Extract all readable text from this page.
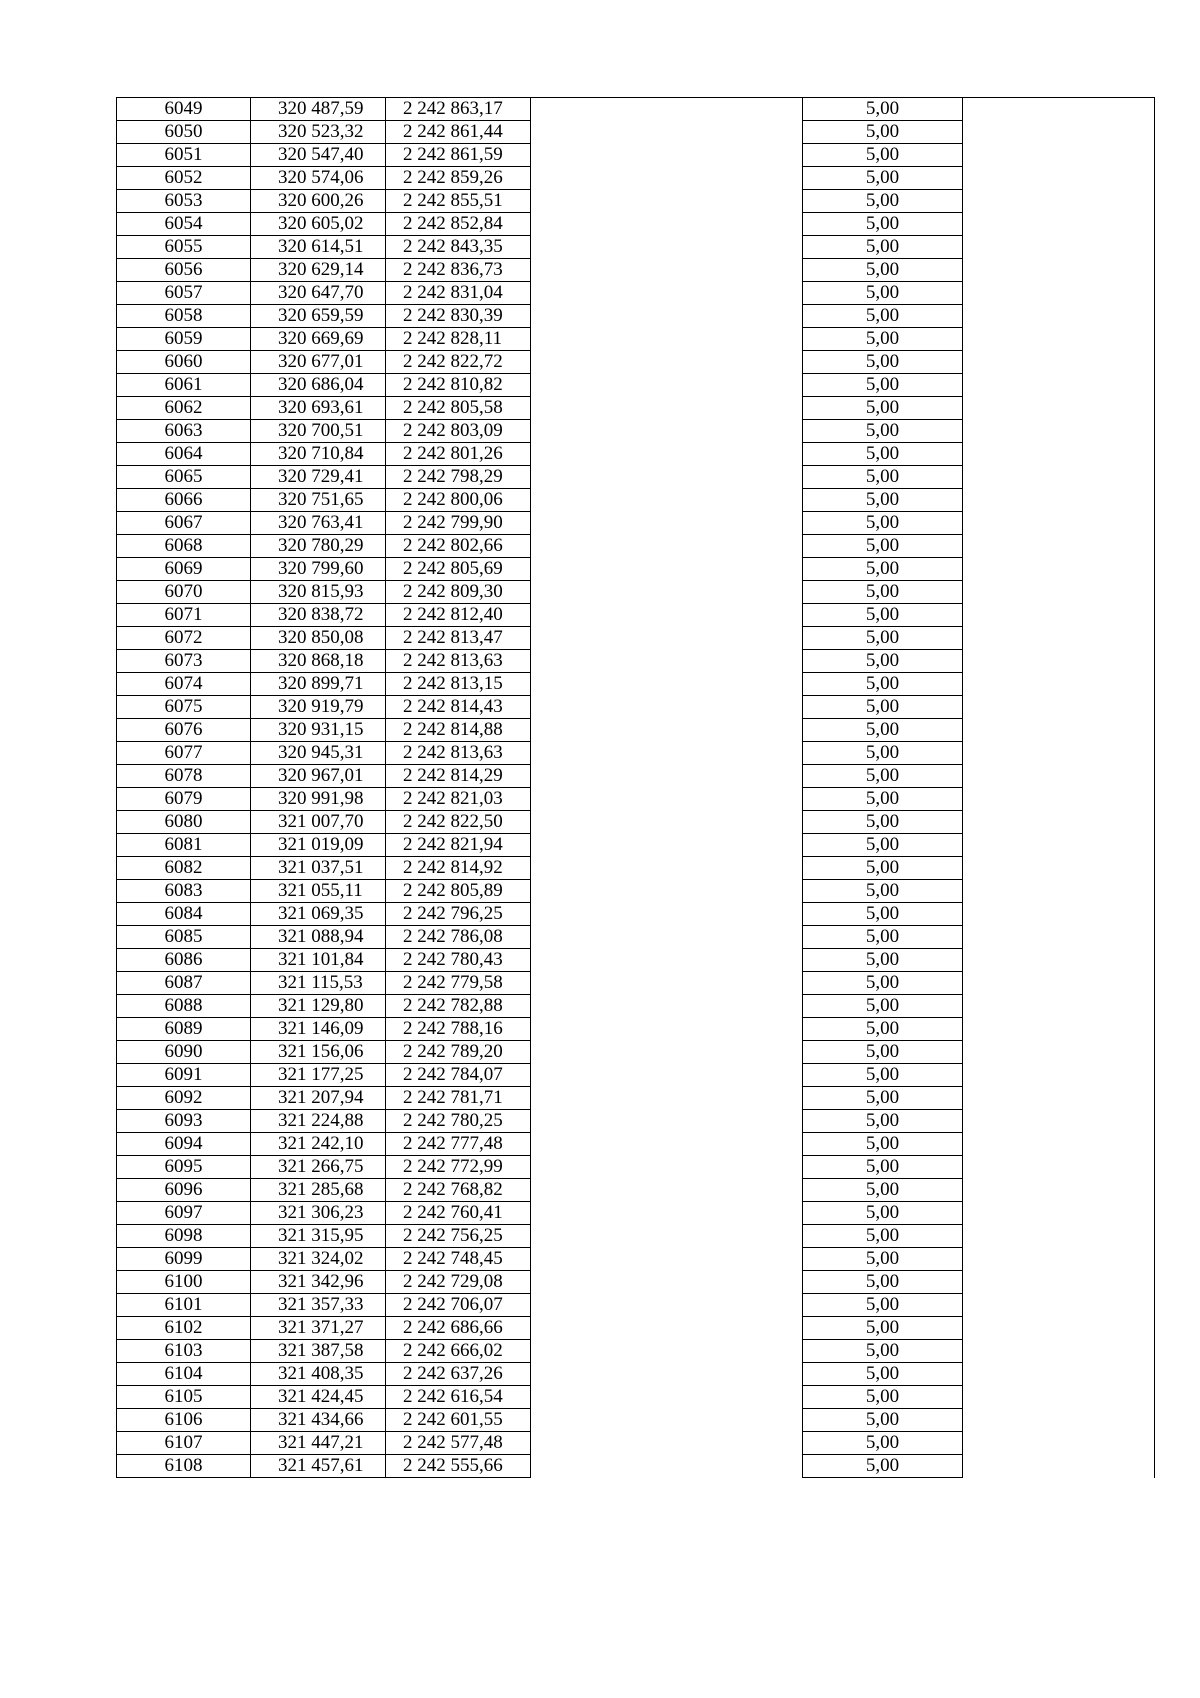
6049	320 487,59	2 242 863,17		5,00	
6050	320 523,32	2 242 861,44		5,00	
6051	320 547,40	2 242 861,59		5,00	
6052	320 574,06	2 242 859,26		5,00	
6053	320 600,26	2 242 855,51		5,00	
6054	320 605,02	2 242 852,84		5,00	
6055	320 614,51	2 242 843,35		5,00	
6056	320 629,14	2 242 836,73		5,00	
6057	320 647,70	2 242 831,04		5,00	
6058	320 659,59	2 242 830,39		5,00	
6059	320 669,69	2 242 828,11		5,00	
6060	320 677,01	2 242 822,72		5,00	
6061	320 686,04	2 242 810,82		5,00	
6062	320 693,61	2 242 805,58		5,00	
6063	320 700,51	2 242 803,09		5,00	
6064	320 710,84	2 242 801,26		5,00	
6065	320 729,41	2 242 798,29		5,00	
6066	320 751,65	2 242 800,06		5,00	
6067	320 763,41	2 242 799,90		5,00	
6068	320 780,29	2 242 802,66		5,00	
6069	320 799,60	2 242 805,69		5,00	
6070	320 815,93	2 242 809,30		5,00	
6071	320 838,72	2 242 812,40		5,00	
6072	320 850,08	2 242 813,47		5,00	
6073	320 868,18	2 242 813,63		5,00	
6074	320 899,71	2 242 813,15		5,00	
6075	320 919,79	2 242 814,43		5,00	
6076	320 931,15	2 242 814,88		5,00	
6077	320 945,31	2 242 813,63		5,00	
6078	320 967,01	2 242 814,29		5,00	
6079	320 991,98	2 242 821,03		5,00	
6080	321 007,70	2 242 822,50		5,00	
6081	321 019,09	2 242 821,94		5,00	
6082	321 037,51	2 242 814,92		5,00	
6083	321 055,11	2 242 805,89		5,00	
6084	321 069,35	2 242 796,25		5,00	
6085	321 088,94	2 242 786,08		5,00	
6086	321 101,84	2 242 780,43		5,00	
6087	321 115,53	2 242 779,58		5,00	
6088	321 129,80	2 242 782,88		5,00	
6089	321 146,09	2 242 788,16		5,00	
6090	321 156,06	2 242 789,20		5,00	
6091	321 177,25	2 242 784,07		5,00	
6092	321 207,94	2 242 781,71		5,00	
6093	321 224,88	2 242 780,25		5,00	
6094	321 242,10	2 242 777,48		5,00	
6095	321 266,75	2 242 772,99		5,00	
6096	321 285,68	2 242 768,82		5,00	
6097	321 306,23	2 242 760,41		5,00	
6098	321 315,95	2 242 756,25		5,00	
6099	321 324,02	2 242 748,45		5,00	
6100	321 342,96	2 242 729,08		5,00	
6101	321 357,33	2 242 706,07		5,00	
6102	321 371,27	2 242 686,66		5,00	
6103	321 387,58	2 242 666,02		5,00	
6104	321 408,35	2 242 637,26		5,00	
6105	321 424,45	2 242 616,54		5,00	
6106	321 434,66	2 242 601,55		5,00	
6107	321 447,21	2 242 577,48		5,00	
6108	321 457,61	2 242 555,66		5,00	
